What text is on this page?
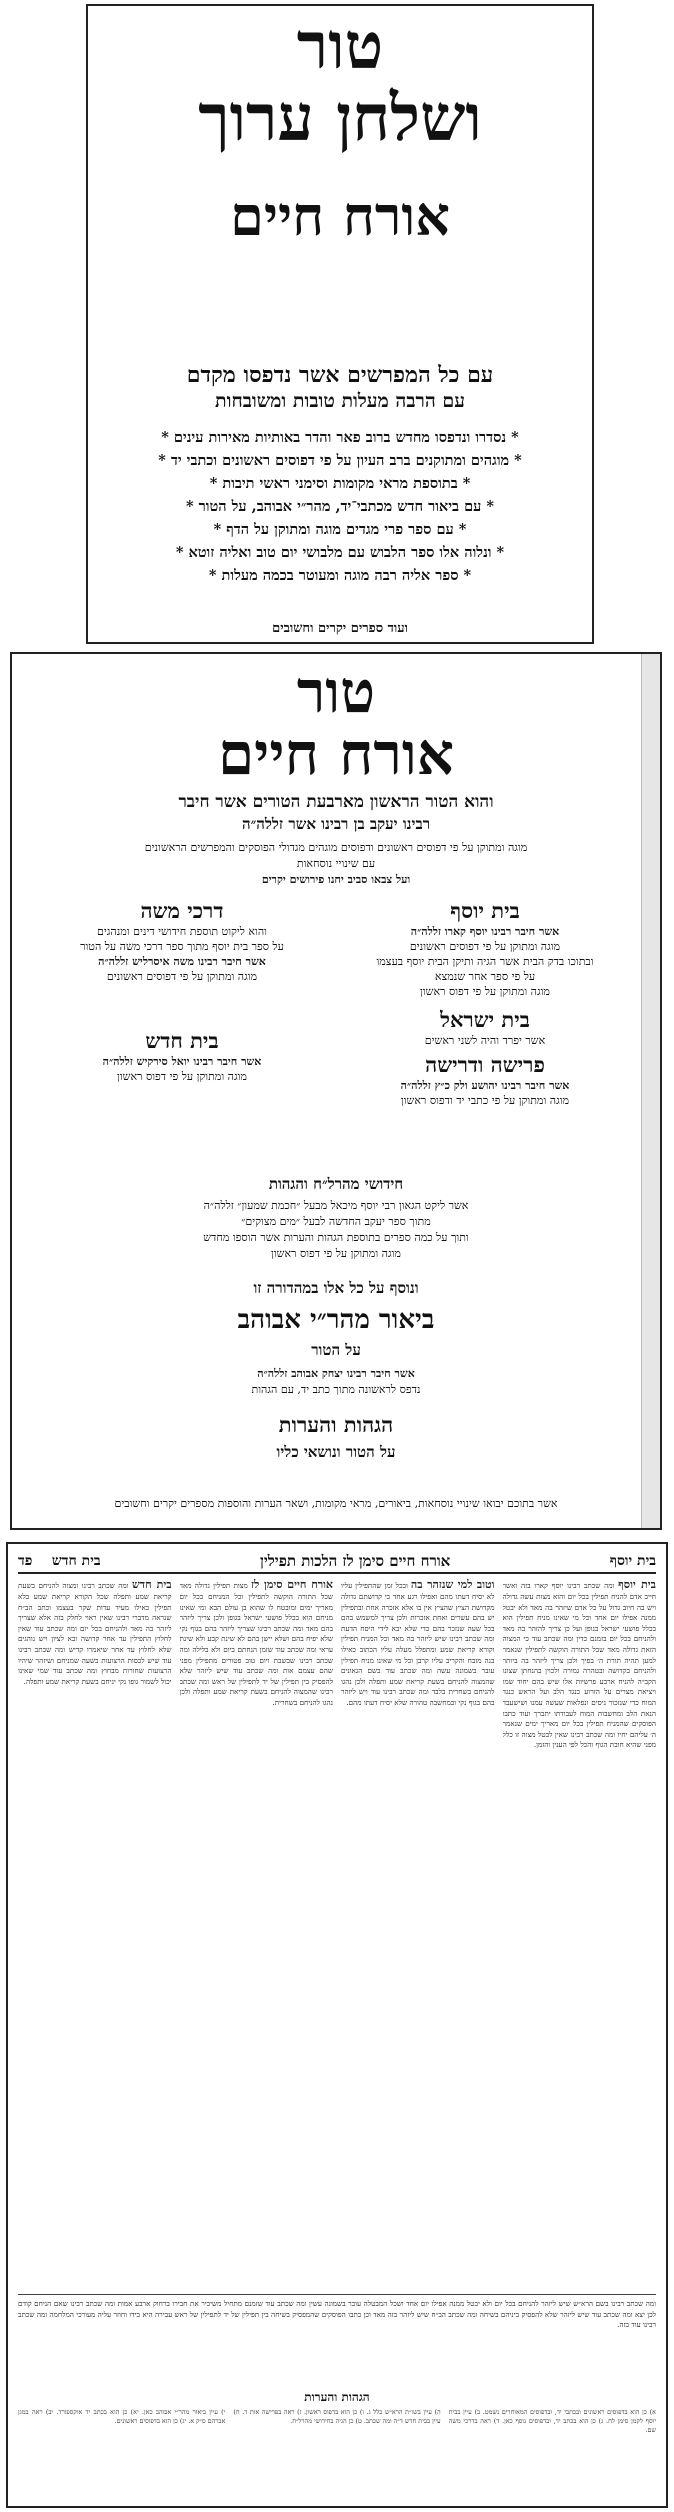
טור
ושלחן ערוך
אורח חיים
עם כל המפרשים אשר נדפסו מקדם
עם הרבה מעלות טובות ומשובחות
* נסדרו ונדפסו מחדש ברוב פאר והדר באותיות מאירות עינים *
* מוגהים ומתוקנים ברב העיון על פי דפוסים ראשונים וכתבי יד *
* בתוספת מראי מקומות וסימני ראשי תיבות *
* עם ביאור חדש מכתבי־יד, מהר״י אבוהב, על הטור *
* עם ספר פרי מגדים מוגה ומתוקן על הדף *
* ונלוה אלו ספר הלבוש עם מלבושי יום טוב ואליה זוטא *
* ספר אליה רבה מוגה ומעוטר בכמה מעלות *
ועוד ספרים יקרים וחשובים
טור
אורח חיים
והוא הטור הראשון מארבעת הטורים אשר חיבר
רבינו יעקב בן רבינו אשר זללה״ה
מוגה ומתוקן על פי דפוסים ראשונים ודפוסים מוגהים מגדולי הפוסקים והמפרשים הראשונים
עם שינויי נוסחאות
ועל צבאו סביב יחנו פירושים יקרים
בית יוסף
אשר חיבר רבינו יוסף קארו זללה״ה
מוגה ומתוקן על פי דפוסים ראשונים
ובתוכו בדק הבית אשר הגיה ותיקן הבית יוסף בעצמו
על פי ספר אחר שנמצא
מוגה ומתוקן על פי דפוס ראשון
בית ישראל
אשר יפרד והיה לשני ראשים
פרישה ודרישה
אשר חיבר רבינו יהושע ולק כ״ץ זללה״ה
מוגה ומתוקן על פי כתבי יד ודפוס ראשון
דרכי משה
והוא ליקוט תוספת חידושי דינים ומנהגים
על ספר בית יוסף מתוך ספר דרכי משה על הטור
אשר חיבר רבינו משה איסרליש זללה״ה
מוגה ומתוקן על פי דפוסים ראשונים
בית חדש
אשר חיבר רבינו יואל סירקיש זללה״ה
מוגה ומתוקן על פי דפוס ראשון
חידושי מהרל״ח והגהות
אשר ליקט הגאון רבי יוסף מיכאל מבעל ״חכמת שמעון״ זללה״ה
מתוך ספר יעקב החדשה לבעל ״מים מצוקים״
ותוך על כמה ספרים בתוספת הגהות והערות אשר הוספו מחדש
מוגה ומתוקן על פי דפוס ראשון
ונוסף על כל אלו במהדורה זו
ביאור מהר״י אבוהב
על הטור
אשר חיבר רבינו יצחק אבוהב זללה״ה
נדפס לראשונה מתוך כתב יד, עם הגהות
הגהות והערות
על הטור ונושאי כליו
אשר בתוכם יבואו שינויי נוסחאות, ביאורים, מראי מקומות, ושאר הערות והוספות מספרים יקרים וחשובים
בית יוסף
אורח חיים סימן לז הלכות תפילין
בית חדש    פד
בית יוסף ומה שכתב רבינו יוסף קארו בזה ואשר חייב אדם להניח תפילין בכל יום והוא מצות עשה גדולה ויש בה חיוב גדול על כל אדם שיזהר בה מאד ולא יבטל ממנה אפילו יום אחד וכל מי שאינו מניח תפילין הוא בכלל פושעי ישראל בגופן ועל כן צריך להזהר בה מאד ולהניחם בכל יום בזמנם כדין ומה שכתב עוד כי המצוה הזאת גדולה מאד שכל התורה הוקשה לתפילין שנאמר למען תהיה תורת ה׳ בפיך ולכן צריך ליזהר בה ביותר ולהניחם בקדושה ובטהרה גמורה ולכוין בהנחתן שצונו הקב״ה להניח ארבע פרשיות אלו שיש בהם יחוד שמו ויציאת מצרים על הזרוע כנגד הלב ועל הראש כנגד המוח כדי שנזכור ניסים ונפלאות שעשה עמנו ושישעבד הנאת הלב ומחשבות המוח לעבודתו יתברך ועוד כתבו הפוסקים שהמניח תפילין בכל יום מאריך ימים שנאמר ה׳ עליהם יחיו ומה שכתב רבינו שאין לבטל מצוה זו כלל מפני שהיא חובת הגוף והכל לפי הענין והזמן.
וטוב למי שנזהר בה ובכל זמן שהתפילין עליו לא יסיח דעתו מהם ואפילו רגע אחד כי קדושתם גדולה מקדושת הציץ שהציץ אין בו אלא אזכרה אחת ובתפילין יש בהם עשרים ואחת אזכרות ולכן צריך למשמש בהם בכל שעה שנזכר בהם כדי שלא יבא לידי היסח הדעת ומה שכתב רבינו שיש ליזהר בה מאד וכל המניח תפילין וקורא קריאת שמע ומתפלל מעלה עליו הכתוב כאילו בנה מזבח והקריב עליו קרבן וכל מי שאינו מניח תפילין עובר בשמונה עשה ומה שכתב עוד בשם הגאונים שהמצוה להניחם בשעת קריאת שמע ותפלה ולכן נהגו להניחם בשחרית בלבד ומה שכתב רבינו עוד ויש ליזהר בהם בגוף נקי ובמחשבה טהורה שלא יסיח דעתו מהם.
אורח חיים סימן לז מצות תפילין גדולה מאד שכל התורה הוקשה לתפילין וכל המניחם בכל יום מאריך ימים ומובטח לו שהוא בן עולם הבא ומי שאינו מניחם הוא בכלל פושעי ישראל בגופן ולכן צריך ליזהר בהם מאד ומה שכתב רבינו שצריך ליזהר בהם בגוף נקי שלא יפיח בהם ושלא יישן בהם לא שינת קבע ולא שינת עראי ומה שכתב עוד שזמן הנחתם ביום ולא בלילה ומה שכתב רבינו שבשבת ויום טוב פטורים מתפילין מפני שהם עצמם אות ומה שכתב עוד שיש ליזהר שלא להפסיק בין תפילין של יד לתפילין של ראש ומה שכתב רבינו שהמצוה להניחם בשעת קריאת שמע ותפלה ולכן נהגו להניחם בשחרית.
בית חדש ומה שכתב רבינו ומצוה להניחם בשעת קריאת שמע ותפלה שכל הקורא קריאת שמע בלא תפילין כאילו מעיד עדות שקר בעצמו וכתב הב״ח שנראה מדברי רבינו שאין ראוי לחלק בזה אלא שצריך ליזהר בה מאד ולהניחם בכל יום ומה שכתב עוד שאין לחלוץ התפילין עד אחר קדושה ובא לציון ויש נוהגים שלא לחלוץ עד אחר שיאמרו קדיש ומה שכתב רבינו עוד שיש לכסות הרצועות בשעה שמניחם ושיזהר שיהיו הרצועות שחורות מבחוץ ומה שכתב עוד שמי שאינו יכול לשמור גופו נקי יניחם בשעת קריאת שמע ותפלה.
ומה שכתב רבינו בשם הרא״ש שיש ליזהר להניחם בכל יום ולא יבטל ממנה אפילו יום אחד ושכל המבטלה עובר בשמונה עשין ומה שכתב עוד שזמנם מתחיל משיכיר את חבירו ברחוק ארבע אמות ומה שכתב רבינו שאם הניחם קודם לכן יצא ומה שכתב עוד שיש ליזהר שלא להפסיק ביניהם בשיחה ומה שכתב הב״ח שיש ליזהר בזה מאד וכן כתבו הפוסקים שהמפסיק בשיחה בין תפילין של יד לתפילין של ראש עבירה היא בידו וחוזר עליה מעורכי המלחמה ומה שכתב רבינו עוד בזה.
הגהות והערות
א) כן הוא בדפוסים ראשונים ובכתבי יד, ובדפוסים המאוחרים נשמט. ב) עיין בבית יוסף לקמן סימן לח. ג) כן הוא בכתב יד, ובדפוסים נוסף כאן. ד) ראה בדרכי משה שם.
ה) עיין בשו״ת הרא״ש כלל ג. ו) כן הוא בדפוס ראשון. ז) ראה בפרישה אות ד. ח) עיין בבית חדש ד״ה ומה שכתב. ט) כן הגיה בחידושי מהרל״ח.
י) עיין ביאור מהר״י אבוהב כאן. יא) כן הוא בכתב יד אוקספורד. יב) ראה במגן אברהם ס״ק א. יג) כן הוא בדפוסים ראשונים.
